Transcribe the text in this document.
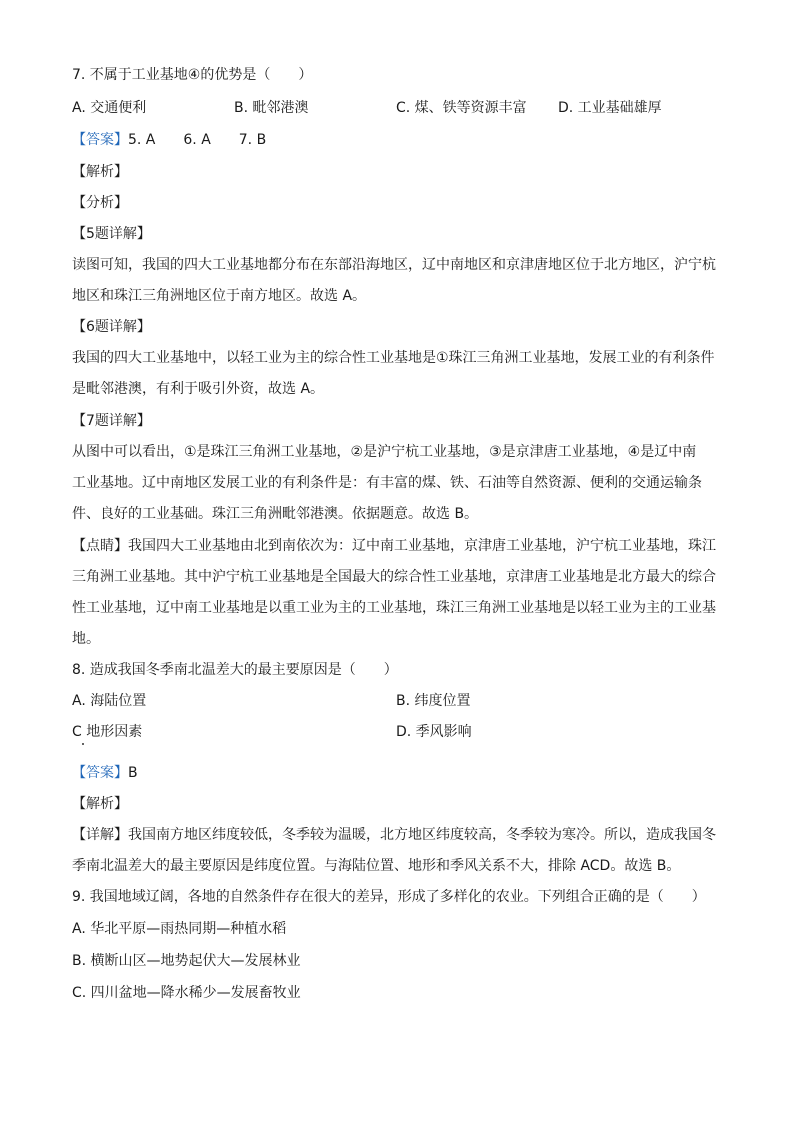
7. 不属于工业基地④的优势是（　　）
A. 交通便利	B. 毗邻港澳	C. 煤、铁等资源丰富 D. 工业基础雄厚
【答案】5. A　　6. A　　7. B
【解析】
【分析】
【5题详解】
读图可知，我国的四大工业基地都分布在东部沿海地区，辽中南地区和京津唐地区位于北方地区，沪宁杭
地区和珠江三角洲地区位于南方地区。故选 A。
【6题详解】
我国的四大工业基地中，以轻工业为主的综合性工业基地是①珠江三角洲工业基地，发展工业的有利条件
是毗邻港澳，有利于吸引外资，故选 A。
【7题详解】
从图中可以看出，①是珠江三角洲工业基地，②是沪宁杭工业基地，③是京津唐工业基地，④是辽中南
工业基地。辽中南地区发展工业的有利条件是：有丰富的煤、铁、石油等自然资源、便利的交通运输条
件、良好的工业基础。珠江三角洲毗邻港澳。依据题意。故选 B。
【点睛】我国四大工业基地由北到南依次为：辽中南工业基地，京津唐工业基地，沪宁杭工业基地，珠江
三角洲工业基地。其中沪宁杭工业基地是全国最大的综合性工业基地，京津唐工业基地是北方最大的综合
性工业基地，辽中南工业基地是以重工业为主的工业基地，珠江三角洲工业基地是以轻工业为主的工业基
地。
8. 造成我国冬季南北温差大的最主要原因是（　　）
A. 海陆位置	B. 纬度位置
C 地形因素	D. 季风影响
【答案】B
【解析】
【详解】我国南方地区纬度较低，冬季较为温暖，北方地区纬度较高，冬季较为寒冷。所以，造成我国冬
季南北温差大的最主要原因是纬度位置。与海陆位置、地形和季风关系不大，排除 ACD。故选 B。
9. 我国地域辽阔，各地的自然条件存在很大的差异，形成了多样化的农业。下列组合正确的是（　　）
A. 华北平原—雨热同期—种植水稻
B. 横断山区—地势起伏大—发展林业
C. 四川盆地—降水稀少—发展畜牧业
